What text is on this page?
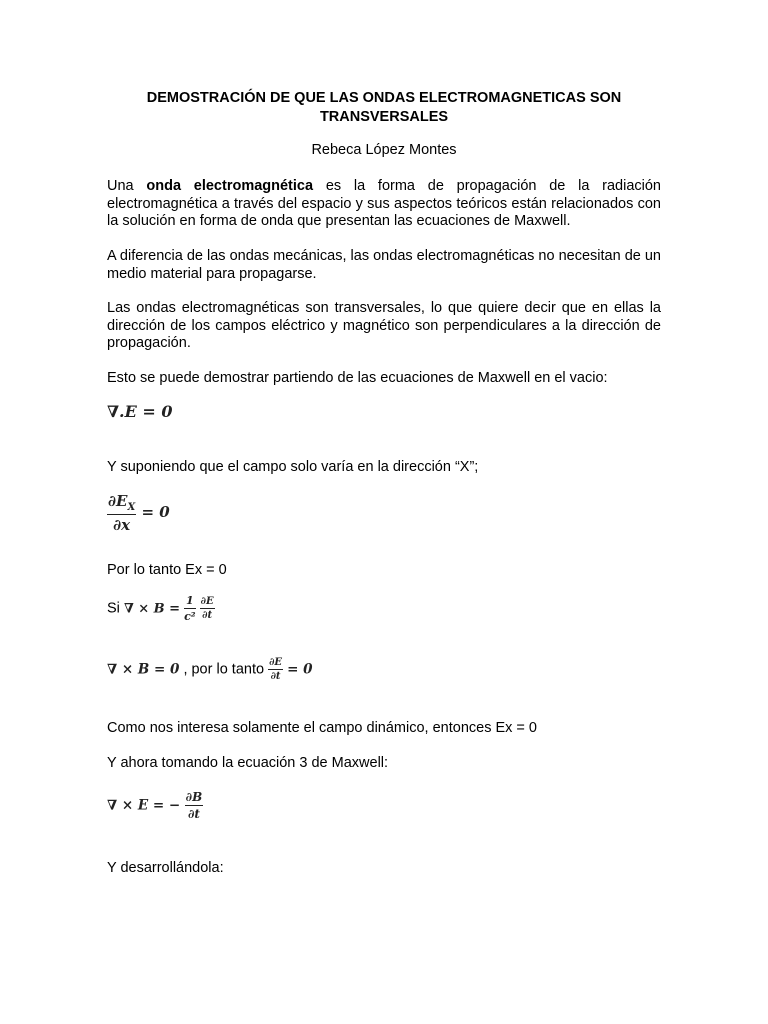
DEMOSTRACIÓN DE QUE LAS ONDAS ELECTROMAGNETICAS SON
TRANSVERSALES
Rebeca López Montes
Una onda electromagnética es la forma de propagación de la radiación electromagnética a través del espacio y sus aspectos teóricos están relacionados con la solución en forma de onda que presentan las ecuaciones de Maxwell.
A diferencia de las ondas mecánicas, las ondas electromagnéticas no necesitan de un medio material para propagarse.
Las ondas electromagnéticas son transversales, lo que quiere decir que en ellas la dirección de los campos eléctrico y magnético son perpendiculares a la dirección de propagación.
Esto se puede demostrar partiendo de las ecuaciones de Maxwell en el vacio:
∇.E = 0
Y suponiendo que el campo solo varía en la dirección “X”;
$\frac{\partial E_X}{\partial x} = 0$
Por lo tanto Ex = 0
Si ∇ × $B = \frac{1}{\text{c²}}$
$\frac{\partial E}{\partial t}$
∇ × B = 0 , por lo tanto $\frac{\partial E}{\partial t} = 0$
Como nos interesa solamente el campo dinámico, entonces Ex = 0
Y ahora tomando la ecuación 3 de Maxwell:
∇ × E = − $\frac{\partial B}{\partial t}$
Y desarrollándola:
